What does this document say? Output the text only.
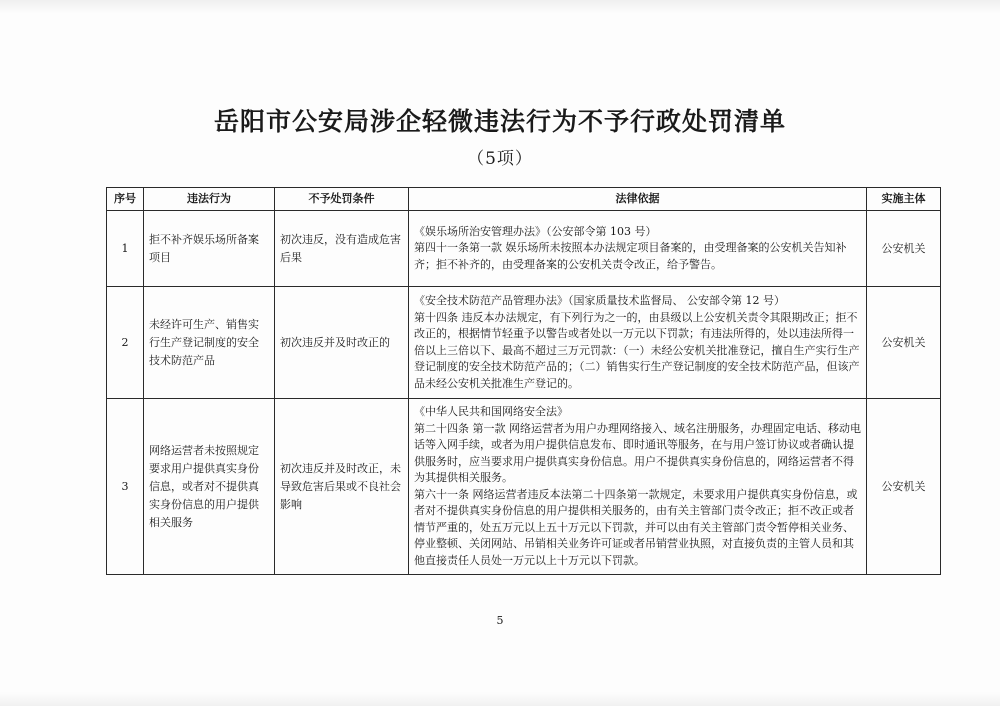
岳阳市公安局涉企轻微违法行为不予行政处罚清单
（5项）
序号	违法行为	不予处罚条件	法律依据	实施主体
1	拒不补齐娱乐场所备案项目	初次违反，没有造成危害后果	《娱乐场所治安管理办法》（公安部令第 103 号）
第四十一条第一款 娱乐场所未按照本办法规定项目备案的，由受理备案的公安机关告知补齐；拒不补齐的，由受理备案的公安机关责令改正，给予警告。	公安机关
2	未经许可生产、销售实行生产登记制度的安全技术防范产品	初次违反并及时改正的	《安全技术防范产品管理办法》（国家质量技术监督局、 公安部令第 12 号）
第十四条 违反本办法规定，有下列行为之一的，由县级以上公安机关责令其限期改正；拒不改正的，根据情节轻重予以警告或者处以一万元以下罚款；有违法所得的，处以违法所得一倍以上三倍以下、最高不超过三万元罚款：（一）未经公安机关批准登记，擅自生产实行生产登记制度的安全技术防范产品的；（二）销售实行生产登记制度的安全技术防范产品，但该产品未经公安机关批准生产登记的。	公安机关
3	网络运营者未按照规定要求用户提供真实身份信息，或者对不提供真实身份信息的用户提供相关服务	初次违反并及时改正，未导致危害后果或不良社会影响	《中华人民共和国网络安全法》
第二十四条 第一款 网络运营者为用户办理网络接入、域名注册服务，办理固定电话、移动电话等入网手续，或者为用户提供信息发布、即时通讯等服务，在与用户签订协议或者确认提供服务时，应当要求用户提供真实身份信息。用户不提供真实身份信息的，网络运营者不得为其提供相关服务。
第六十一条 网络运营者违反本法第二十四条第一款规定，未要求用户提供真实身份信息，或者对不提供真实身份信息的用户提供相关服务的，由有关主管部门责令改正；拒不改正或者情节严重的，处五万元以上五十万元以下罚款，并可以由有关主管部门责令暂停相关业务、停业整顿、关闭网站、吊销相关业务许可证或者吊销营业执照，对直接负责的主管人员和其他直接责任人员处一万元以上十万元以下罚款。	公安机关
5
